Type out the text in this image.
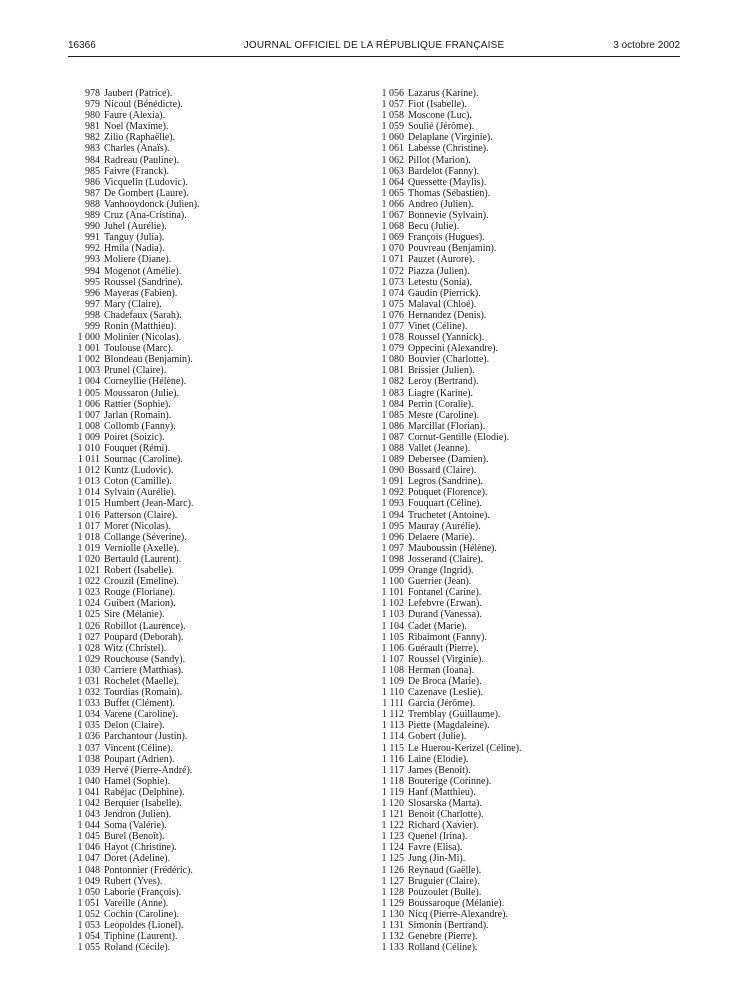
16366	JOURNAL OFFICIEL DE LA RÉPUBLIQUE FRANÇAISE	3 octobre 2002
978 Jaubert (Patrice).
979 Nicoul (Bénédicte).
980 Faure (Alexia).
981 Noel (Maxime).
982 Zilio (Raphaëlle).
983 Charles (Anaïs).
984 Radreau (Pauline).
985 Faivre (Franck).
986 Vicquelin (Ludovic).
987 De Gombert (Laure).
988 Vanhooydonck (Julien).
989 Cruz (Ana-Cristina).
990 Juhel (Aurélie).
991 Tanguy (Julia).
992 Hmila (Nadia).
993 Moliere (Diane).
994 Mogenot (Amélie).
995 Roussel (Sandrine).
996 Mayeras (Fabien).
997 Mary (Claire).
998 Chadefaux (Sarah).
999 Ronin (Matthieu).
1 000 Molinier (Nicolas).
1 001 Toulouse (Marc).
1 002 Blondeau (Benjamin).
1 003 Prunel (Claire).
1 004 Corneyllie (Hélène).
1 005 Moussaron (Julie).
1 006 Rattier (Sophie).
1 007 Jarlan (Romain).
1 008 Collomb (Fanny).
1 009 Poiret (Soizic).
1 010 Fouquet (Rémi).
1 011 Sournac (Caroline).
1 012 Kuntz (Ludovic).
1 013 Coton (Camille).
1 014 Sylvain (Aurélie).
1 015 Humbert (Jean-Marc).
1 016 Patterson (Claire).
1 017 Moret (Nicolas).
1 018 Collange (Séverine).
1 019 Verniolle (Axelle).
1 020 Bertauld (Laurent).
1 021 Robert (Isabelle).
1 022 Crouzil (Emeline).
1 023 Rouge (Floriane).
1 024 Guibert (Marion).
1 025 Sire (Mélanie).
1 026 Robillot (Laurence).
1 027 Poupard (Deborah).
1 028 Witz (Christel).
1 029 Rouchouse (Sandy).
1 030 Carriere (Matthias).
1 031 Rochelet (Maelle).
1 032 Tourdias (Romain).
1 033 Buffet (Clément).
1 034 Varene (Caroline).
1 035 Delon (Claire).
1 036 Parchantour (Justin).
1 037 Vincent (Céline).
1 038 Poupart (Adrien).
1 039 Hervé (Pierre-André).
1 040 Hamel (Sophie).
1 041 Rabéjac (Delphine).
1 042 Berquier (Isabelle).
1 043 Jendron (Julien).
1 044 Soma (Valérie).
1 045 Burel (Benoît).
1 046 Hayot (Christine).
1 047 Doret (Adeline).
1 048 Pontonnier (Frédéric).
1 049 Rubert (Yves).
1 050 Laborie (François).
1 051 Vareille (Anne).
1 052 Cochin (Caroline).
1 053 Leopoldes (Lionel).
1 054 Tiphine (Laurent).
1 055 Roland (Cécile).
1 056 Lazarus (Karine).
1 057 Fiot (Isabelle).
1 058 Moscone (Luc).
1 059 Soulié (Jérôme).
1 060 Delaplane (Virginie).
1 061 Labesse (Christine).
1 062 Pillot (Marion).
1 063 Bardelot (Fanny).
1 064 Quessette (Maylis).
1 065 Thomas (Sébastien).
1 066 Andreo (Julien).
1 067 Bonnevie (Sylvain).
1 068 Becu (Julie).
1 069 François (Hugues).
1 070 Pouvreau (Benjamin).
1 071 Pauzet (Aurore).
1 072 Piazza (Julien).
1 073 Letestu (Sonia).
1 074 Gaudin (Pierrick).
1 075 Malaval (Chloé).
1 076 Hernandez (Denis).
1 077 Vinet (Céline).
1 078 Roussel (Yannick).
1 079 Oppecini (Alexandre).
1 080 Bouvier (Charlotte).
1 081 Brissier (Julien).
1 082 Leroy (Bertrand).
1 083 Liagre (Karine).
1 084 Perrin (Coralie).
1 085 Mesre (Caroline).
1 086 Marcillat (Florian).
1 087 Cornut-Gentille (Elodie).
1 088 Vallet (Jeanne).
1 089 Debersee (Damien).
1 090 Bossard (Claire).
1 091 Legros (Sandrine).
1 092 Pouquet (Florence).
1 093 Fouquart (Céline).
1 094 Truchetet (Antoine).
1 095 Mauray (Aurélie).
1 096 Delaere (Marie).
1 097 Mauboussin (Hélène).
1 098 Josserand (Claire).
1 099 Orange (Ingrid).
1 100 Guerrier (Jean).
1 101 Fontanel (Carine).
1 102 Lefebvre (Erwan).
1 103 Durand (Vanessa).
1 104 Cadet (Marie).
1 105 Ribaimont (Fanny).
1 106 Guérault (Pierre).
1 107 Roussel (Virginie).
1 108 Herman (Ioana).
1 109 De Broca (Marie).
1 110 Cazenave (Leslie).
1 111 Garcia (Jérôme).
1 112 Tremblay (Guillaume).
1 113 Piette (Magdaleine).
1 114 Gobert (Julie).
1 115 Le Huerou-Kerizel (Céline).
1 116 Laine (Elodie).
1 117 James (Benoît).
1 118 Bouterige (Corinne).
1 119 Hanf (Matthieu).
1 120 Slosarska (Marta).
1 121 Benoit (Charlotte).
1 122 Richard (Xavier).
1 123 Quenel (Irina).
1 124 Favre (Elisa).
1 125 Jung (Jin-Mi).
1 126 Reynaud (Gaëlle).
1 127 Bruguier (Claire).
1 128 Pouzoulet (Bulle).
1 129 Boussaroque (Mélanie).
1 130 Nicq (Pierre-Alexandre).
1 131 Simonin (Bertrand).
1 132 Genebre (Pierre).
1 133 Rolland (Céline).
